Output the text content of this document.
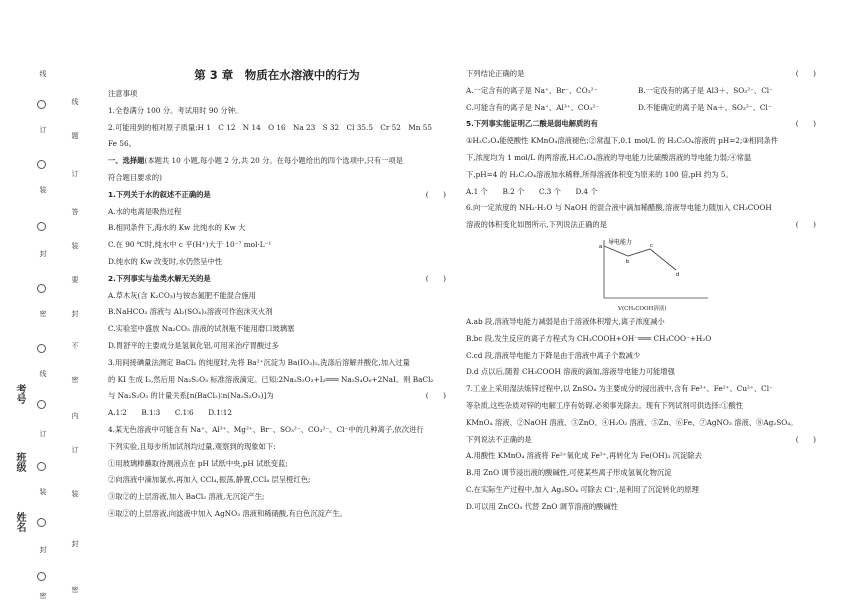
线
订
装
封
密
线
订
装
封
密
题
答
要
不
内
线
订
装
封
密
订
装
封
密
考号
班级
姓名

第 3 章　物质在水溶液中的行为

注意事项

1.全卷满分 100 分。考试用时 90 分钟。

2.可能用到的相对原子质量:H 1　C 12　N 14　O 16　Na 23　S 32　Cl 35.5　Cr 52　Mn 55

Fe 56。

一、选择题(本题共 10 小题,每小题 2 分,共 20 分。在每小题给出的四个选项中,只有一项是

符合题目要求的)

1.下列关于水的叙述不正确的是	(　　)

A.水的电离是吸热过程

B.相同条件下,海水的 Kw 比纯水的 Kw 大

C.在 90 ℃时,纯水中 c 平(H⁺)大于 10⁻⁷ mol·L⁻¹

D.纯水的 Kw 改变时,水仍然呈中性

2.下列事实与盐类水解无关的是	(　　)

A.草木灰(含 K₂CO₃)与铵态氮肥不能混合施用

B.NaHCO₃ 溶液与 Al₂(SO₄)₃溶液可作泡沫灭火剂

C.实验室中盛放 Na₂CO₃ 溶液的试剂瓶不能用磨口玻璃塞

D.胃舒平的主要成分是氢氧化铝,可用来治疗胃酸过多

3.用间接碘量法测定 BaCl₂ 的纯度时,先将 Ba²⁺沉淀为 Ba(IO₃)₂,洗涤后溶解并酸化,加入过量

的 KI 生成 I₂,然后用 Na₂S₂O₃ 标准溶液滴定。已知:2Na₂S₂O₃+I₂═══ Na₂S₄O₆+2NaI。则 BaCl₂

与 Na₂S₂O₃ 的计量关系[n(BaCl₂)∶n(Na₂S₂O₃)]为	(　　)

A.1∶2　　B.1∶3　　C.1∶6　　D.1∶12

4.某无色溶液中可能含有 Na⁺、Al³⁺、Mg²⁺、Br⁻、SO₃²⁻、CO₃²⁻、Cl⁻中的几种离子,依次进行

下列实验,且每步所加试剂均过量,观察到的现象如下:

①用玻璃棒蘸取待测液点在 pH 试纸中央,pH 试纸变蓝;

②向溶液中滴加氯水,再加入 CCl₄,振荡,静置,CCl₄ 层呈橙红色;

③取②的上层溶液,加入 BaCl₂ 溶液,无沉淀产生;

④取②的上层溶液,向滤液中加入 AgNO₃ 溶液和稀硝酸,有白色沉淀产生。

下列结论正确的是	(　　)

A.一定含有的离子是 Na⁺、Br⁻、CO₃²⁻	B.一定没有的离子是 Al3＋、SO₃²⁻、Cl⁻

C.可能含有的离子是 Na⁺、Al³⁺、CO₃²⁻	D.不能确定的离子是 Na＋、SO₃²⁻、Cl⁻

5.下列事实能证明乙二酸是弱电解质的有	(　　)

①H₂C₂O₄能使酸性 KMnO₄溶液褪色;②常温下,0.1 mol/L 的 H₂C₂O₄溶液的 pH=2;③相同条件

下,浓度均为 1 mol/L 的两溶液,H₂C₂O₄溶液的导电能力比硫酸溶液的导电能力弱;④常温

下,pH=4 的 H₂C₂O₄溶液加水稀释,所得溶液体积变为原来的 100 倍,pH 约为 5。

A.1 个　　B.2 个　　C.3 个　　D.4 个

6.向一定浓度的 NH₃·H₂O 与 NaOH 的混合液中滴加稀醋酸,溶液导电能力随加入 CH₃COOH

溶液的体积变化如图所示,下列说法正确的是	(　　)

导电能力
a
b
c
d

V(CH₃COOH溶液)

A.ab 段,溶液导电能力减弱是由于溶液体积增大,离子浓度减小

B.bc 段,发生反应的离子方程式为 CH₃COOH+OH⁻═══ CH₃COO⁻+H₂O

C.cd 段,溶液导电能力下降是由于溶液中离子个数减少

D.d 点以后,随着 CH₃COOH 溶液的滴加,溶液导电能力可能增强

7.工业上采用湿法炼锌过程中,以 ZnSO₄ 为主要成分的浸出液中,含有 Fe³⁺、Fe²⁺、Cu²⁺、Cl⁻

等杂质,这些杂质对锌的电解工序有妨碍,必须事先除去。现有下列试剂可供选择:①酸性

KMnO₄ 溶液、②NaOH 溶液、③ZnO、④H₂O₂ 溶液、⑤Zn、⑥Fe、⑦AgNO₃ 溶液、⑧Ag₂SO₄。

下列说法不正确的是	(　　)

A.用酸性 KMnO₄ 溶液将 Fe²⁺氧化成 Fe³⁺,再转化为 Fe(OH)₃ 沉淀除去

B.用 ZnO 调节浸出液的酸碱性,可使某些离子形成氢氧化物沉淀

C.在实际生产过程中,加入 Ag₂SO₄ 可除去 Cl⁻,是利用了沉淀转化的原理

D.可以用 ZnCO₃ 代替 ZnO 调节溶液的酸碱性
